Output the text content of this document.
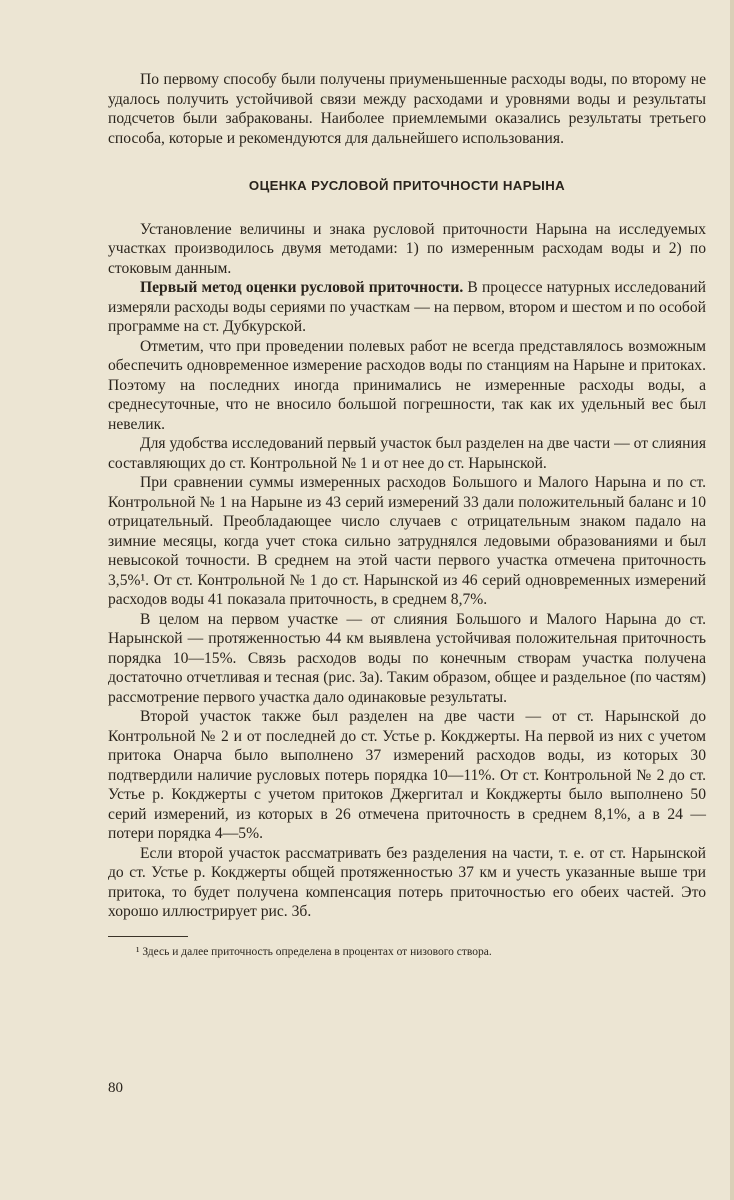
По первому способу были получены приуменьшенные расходы воды, по второму не удалось получить устойчивой связи между расходами и уровнями воды и результаты подсчетов были забракованы. Наиболее приемлемыми оказались результаты третьего способа, которые и рекомендуются для дальнейшего использования.

ОЦЕНКА РУСЛОВОЙ ПРИТОЧНОСТИ НАРЫНА

Установление величины и знака русловой приточности Нарына на исследуемых участках производилось двумя методами: 1) по измеренным расходам воды и 2) по стоковым данным.

Первый метод оценки русловой приточности. В процессе натурных исследований измеряли расходы воды сериями по участкам — на первом, втором и шестом и по особой программе на ст. Дубкурской.

Отметим, что при проведении полевых работ не всегда представлялось возможным обеспечить одновременное измерение расходов воды по станциям на Нарыне и притоках. Поэтому на последних иногда принимались не измеренные расходы воды, а среднесуточные, что не вносило большой погрешности, так как их удельный вес был невелик.

Для удобства исследований первый участок был разделен на две части — от слияния составляющих до ст. Контрольной № 1 и от нее до ст. Нарынской.

При сравнении суммы измеренных расходов Большого и Малого Нарына и по ст. Контрольной № 1 на Нарыне из 43 серий измерений 33 дали положительный баланс и 10 отрицательный. Преобладающее число случаев с отрицательным знаком падало на зимние месяцы, когда учет стока сильно затруднялся ледовыми образованиями и был невысокой точности. В среднем на этой части первого участка отмечена приточность 3,5%¹. От ст. Контрольной № 1 до ст. Нарынской из 46 серий одновременных измерений расходов воды 41 показала приточность, в среднем 8,7%.

В целом на первом участке — от слияния Большого и Малого Нарына до ст. Нарынской — протяженностью 44 км выявлена устойчивая положительная приточность порядка 10—15%. Связь расходов воды по конечным створам участка получена достаточно отчетливая и тесная (рис. 3а). Таким образом, общее и раздельное (по частям) рассмотрение первого участка дало одинаковые результаты.

Второй участок также был разделен на две части — от ст. Нарынской до Контрольной № 2 и от последней до ст. Устье р. Кокджерты. На первой из них с учетом притока Онарча было выполнено 37 измерений расходов воды, из которых 30 подтвердили наличие русловых потерь порядка 10—11%. От ст. Контрольной № 2 до ст. Устье р. Кокджерты с учетом притоков Джергитал и Кокджерты было выполнено 50 серий измерений, из которых в 26 отмечена приточность в среднем 8,1%, а в 24 — потери порядка 4—5%.

Если второй участок рассматривать без разделения на части, т. е. от ст. Нарынской до ст. Устье р. Кокджерты общей протяженностью 37 км и учесть указанные выше три притока, то будет получена компенсация потерь приточностью его обеих частей. Это хорошо иллюстрирует рис. 3б.

¹ Здесь и далее приточность определена в процентах от низового створа.

80
